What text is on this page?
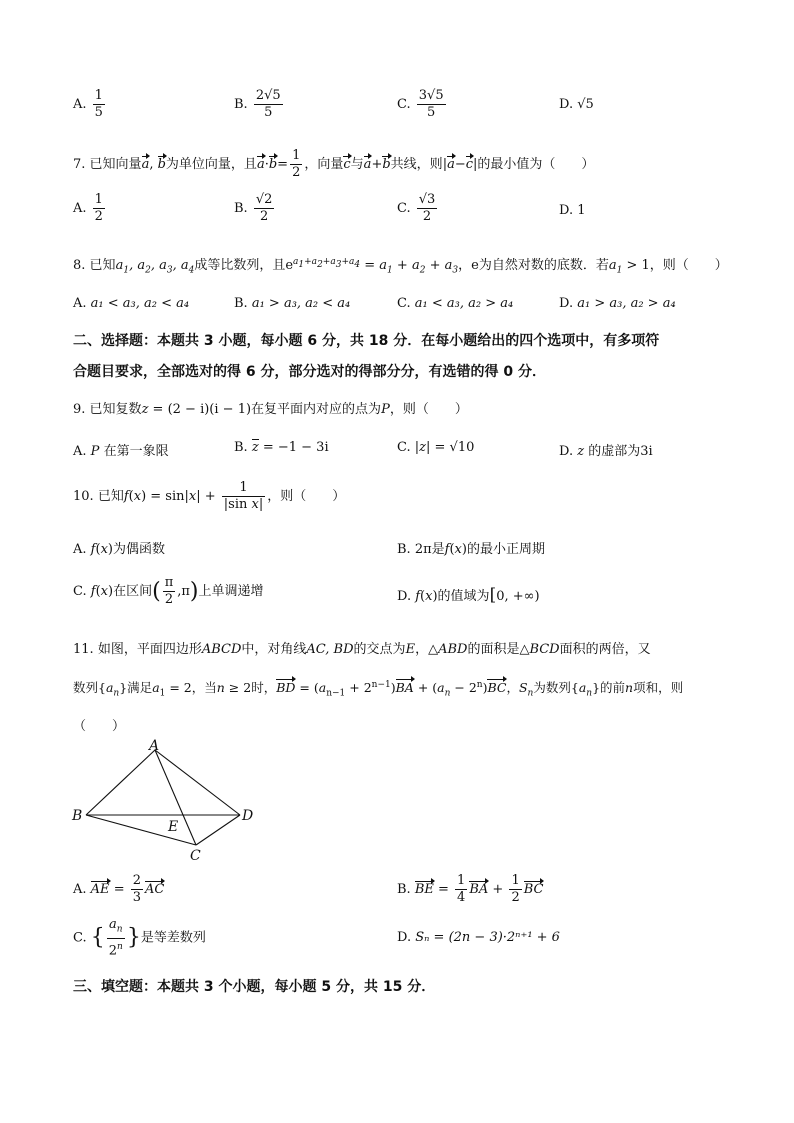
A. $\frac{1}{5}$	B. $\frac{2√5}{5}$	C. $\frac{3√5}{5}$	D. √5
7. 已知向量a, b为单位向量，且$a\cdot b= \frac{1}{2}$ ，向量c与a+b共线，则|a−c|的最小值为（　　）
A. $\frac{1}{2}$	B. $\frac{√2}{2}$	C. $\frac{√3}{2}$	D. 1
8. 已知$a_1$, $a_2$, $a_3$, $a_4$成等比数列，且$e^{a_1+a_2+a_3+a_4} = a_1 + a_2 + a_3$，e为自然对数的底数．若$a_1 > 1$，则（　　）
A. a₁ < a₃, a₂ < a₄	B. a₁ > a₃, a₂ < a₄	C. a₁ < a₃, a₂ > a₄	D. a₁ > a₃, a₂ > a₄
二、选择题：本题共 3 小题，每小题 6 分，共 18 分．在每小题给出的四个选项中，有多项符
合题目要求，全部选对的得 6 分，部分选对的得部分分，有选错的得 0 分．
9. 已知复数z = (2 − i)(i − 1)在复平面内对应的点为P，则（　　）
A. P 在第一象限	B. z = −1 − 3i	C. |z| = √10	D. z 的虚部为3i
10. 已知$f(x) = \sin|x| + \frac{1}{\text{|sin x|}}$ ，则（　　）
A. f(x)为偶函数	B. 2π是f(x)的最小正周期
C. f(x)在区间( $\frac{\pi}{2} ,\pi$)上单调递增	D. f(x)的值域为[0, +∞)
11. 如图，平面四边形ABCD中，对角线AC, BD的交点为E，△ABD的面积是△BCD面积的两倍，又
数列$\{a_n\}$满足$a_1 = 2$，当n ≥ 2时，BD = $(a_{n-1} + 2^{n-1})BA + (a_n - 2^n)BC$，$S_n$为数列$\{a_n\}$的前n项和，则
（　　）
A
B
C
D
E
A. AE = $\frac{2}{3}$ AC	B. BE = $\frac{1}{4}$ BA + $\frac{1}{2}$ BC
C. { $\frac{a_n}{2^n}$ }是等差数列	D. Sₙ = (2n − 3)·2ⁿ⁺¹ + 6
三、填空题：本题共 3 个小题，每小题 5 分，共 15 分．
